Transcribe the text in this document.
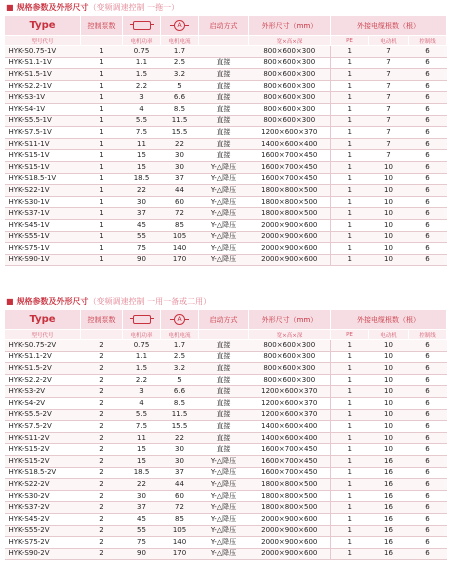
■ 规格参数及外形尺寸（变频调速控制 一拖一）
Type	控制泵数		A	启动方式	外形尺寸（mm）	外接电缆根数（根）		
型号代号		电机功率	电机电流		宽×高×深	PE	电动机	控制线
HYK-S0.75-1V	1	0.75	1.7		800×600×300	1	7	6
HYK-S1.1-1V	1	1.1	2.5	直接	800×600×300	1	7	6
HYK-S1.5-1V	1	1.5	3.2	直接	800×600×300	1	7	6
HYK-S2.2-1V	1	2.2	5	直接	800×600×300	1	7	6
HYK-S3-1V	1	3	6.6	直接	800×600×300	1	7	6
HYK-S4-1V	1	4	8.5	直接	800×600×300	1	7	6
HYK-S5.5-1V	1	5.5	11.5	直接	800×600×300	1	7	6
HYK-S7.5-1V	1	7.5	15.5	直接	1200×600×370	1	7	6
HYK-S11-1V	1	11	22	直接	1400×600×400	1	7	6
HYK-S15-1V	1	15	30	直接	1600×700×450	1	7	6
HYK-S15-1V	1	15	30	Y-△降压	1600×700×450	1	10	6
HYK-S18.5-1V	1	18.5	37	Y-△降压	1600×700×450	1	10	6
HYK-S22-1V	1	22	44	Y-△降压	1800×800×500	1	10	6
HYK-S30-1V	1	30	60	Y-△降压	1800×800×500	1	10	6
HYK-S37-1V	1	37	72	Y-△降压	1800×800×500	1	10	6
HYK-S45-1V	1	45	85	Y-△降压	2000×900×600	1	10	6
HYK-S55-1V	1	55	105	Y-△降压	2000×900×600	1	10	6
HYK-S75-1V	1	75	140	Y-△降压	2000×900×600	1	10	6
HYK-S90-1V	1	90	170	Y-△降压	2000×900×600	1	10	6
■ 规格参数及外形尺寸（变频调速控制 一用一备或二用）
Type	控制泵数		A	启动方式	外形尺寸（mm）	外接电缆根数（根）		
型号代号		电机功率	电机电流		宽×高×深	PE	电动机	控制线
HYK-S0.75-2V	2	0.75	1.7	直接	800×600×300	1	10	6
HYK-S1.1-2V	2	1.1	2.5	直接	800×600×300	1	10	6
HYK-S1.5-2V	2	1.5	3.2	直接	800×600×300	1	10	6
HYK-S2.2-2V	2	2.2	5	直接	800×600×300	1	10	6
HYK-S3-2V	2	3	6.6	直接	1200×600×370	1	10	6
HYK-S4-2V	2	4	8.5	直接	1200×600×370	1	10	6
HYK-S5.5-2V	2	5.5	11.5	直接	1200×600×370	1	10	6
HYK-S7.5-2V	2	7.5	15.5	直接	1400×600×400	1	10	6
HYK-S11-2V	2	11	22	直接	1400×600×400	1	10	6
HYK-S15-2V	2	15	30	直接	1600×700×450	1	10	6
HYK-S15-2V	2	15	30	Y-△降压	1600×700×450	1	16	6
HYK-S18.5-2V	2	18.5	37	Y-△降压	1600×700×450	1	16	6
HYK-S22-2V	2	22	44	Y-△降压	1800×800×500	1	16	6
HYK-S30-2V	2	30	60	Y-△降压	1800×800×500	1	16	6
HYK-S37-2V	2	37	72	Y-△降压	1800×800×500	1	16	6
HYK-S45-2V	2	45	85	Y-△降压	2000×900×600	1	16	6
HYK-S55-2V	2	55	105	Y-△降压	2000×900×600	1	16	6
HYK-S75-2V	2	75	140	Y-△降压	2000×900×600	1	16	6
HYK-S90-2V	2	90	170	Y-△降压	2000×900×600	1	16	6
